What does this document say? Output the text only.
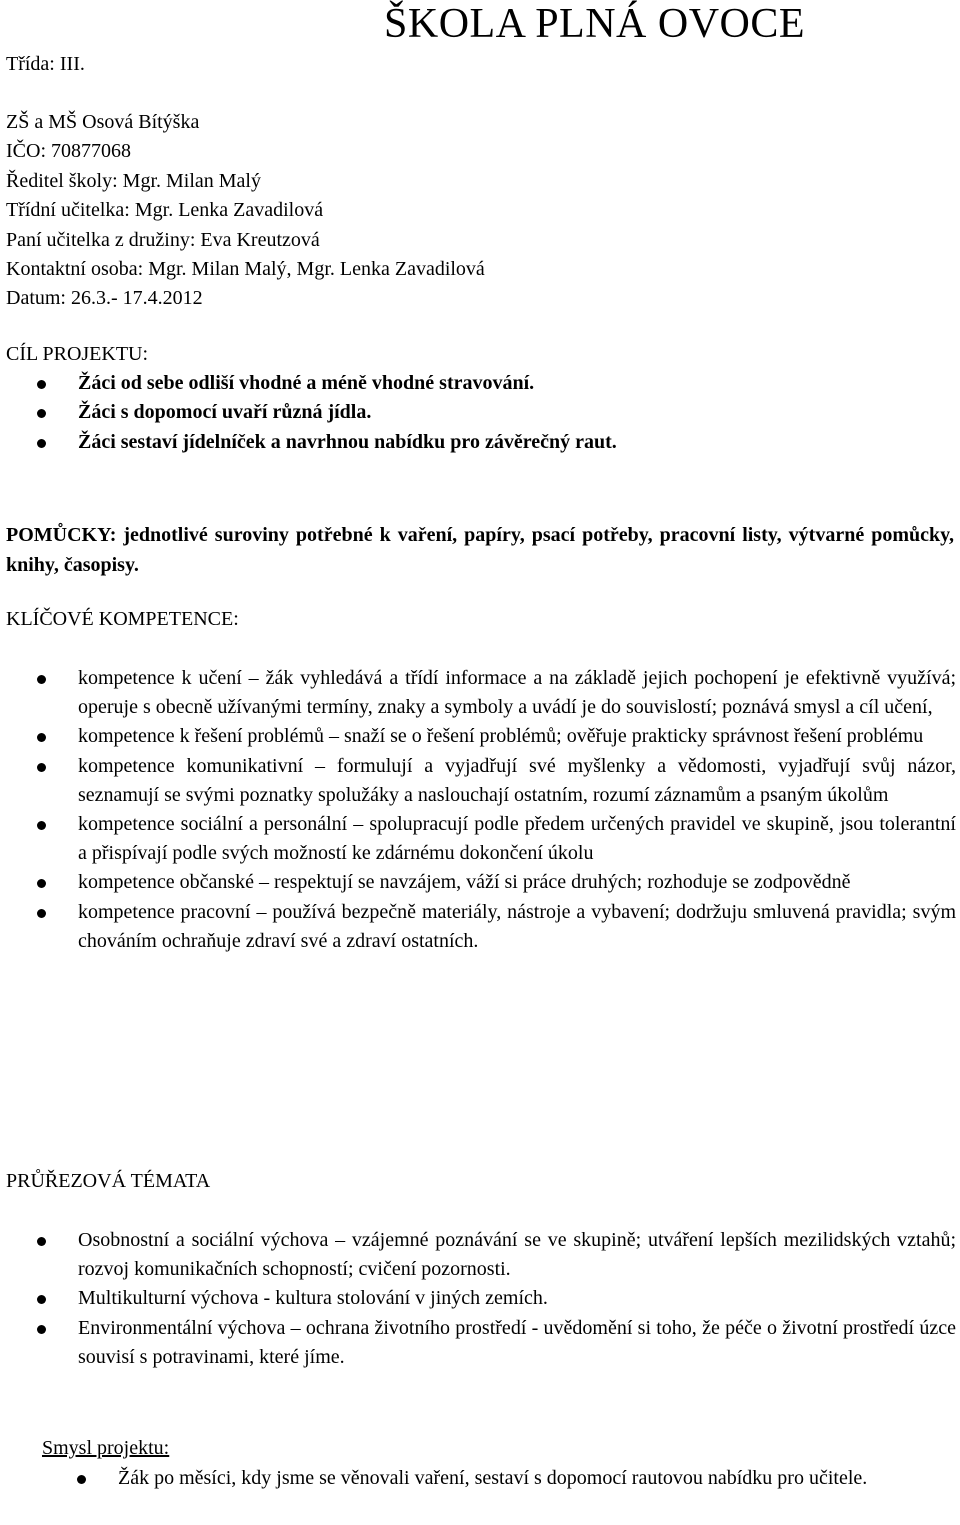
Třída: III.
ŠKOLA PLNÁ OVOCE
ZŠ a MŠ Osová Bítýška
IČO: 70877068
Ředitel školy: Mgr. Milan Malý
Třídní učitelka: Mgr. Lenka Zavadilová
Paní učitelka z družiny: Eva Kreutzová
Kontaktní osoba: Mgr. Milan Malý, Mgr. Lenka Zavadilová
Datum: 26.3.- 17.4.2012
CÍL PROJEKTU:
Žáci od sebe odliší vhodné a méně vhodné stravování.
Žáci s dopomocí uvaří různá jídla.
Žáci sestaví jídelníček a navrhnou nabídku pro závěrečný raut.
POMŮCKY: jednotlivé suroviny potřebné k vaření, papíry, psací potřeby, pracovní listy, výtvarné pomůcky, knihy, časopisy.
KLÍČOVÉ KOMPETENCE:
kompetence k učení – žák vyhledává a třídí informace a na základě jejich pochopení je efektivně využívá; operuje s obecně užívanými termíny, znaky a symboly a uvádí je do souvislostí; poznává smysl a cíl učení,
kompetence k řešení problémů – snaží se o řešení problémů; ověřuje prakticky správnost řešení problému
kompetence komunikativní – formulují a vyjadřují své myšlenky a vědomosti, vyjadřují svůj názor, seznamují se svými poznatky spolužáky a naslouchají ostatním, rozumí záznamům a psaným úkolům
kompetence sociální a personální – spolupracují podle předem určených pravidel ve skupině, jsou tolerantní a přispívají podle svých možností ke zdárnému dokončení úkolu
kompetence občanské – respektují se navzájem, váží si práce druhých; rozhoduje se zodpovědně
kompetence pracovní – používá bezpečně materiály, nástroje a vybavení; dodržuju smluvená pravidla; svým chováním ochraňuje zdraví své a zdraví ostatních.
PRŮŘEZOVÁ TÉMATA
Osobnostní a sociální výchova – vzájemné poznávání se ve skupině; utváření lepších mezilidských vztahů; rozvoj komunikačních schopností; cvičení pozornosti.
Multikulturní výchova - kultura stolování v jiných zemích.
Environmentální výchova – ochrana životního prostředí - uvědomění si toho, že péče o životní prostředí úzce souvisí s potravinami, které jíme.
Smysl projektu:
Žák po měsíci, kdy jsme se věnovali vaření, sestaví s dopomocí rautovou nabídku pro učitele.
